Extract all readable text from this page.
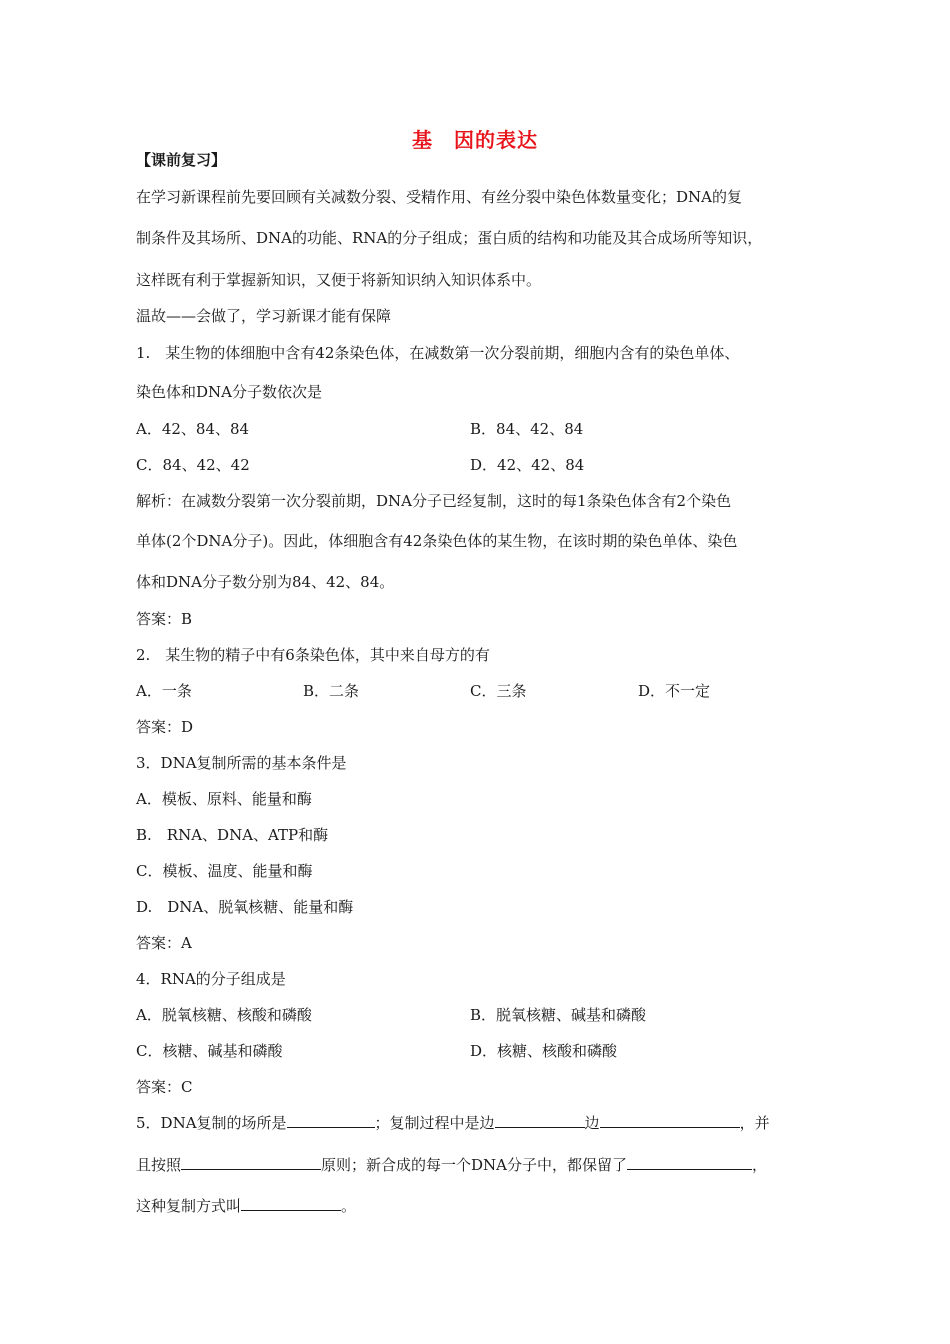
基　因的表达
【课前复习】
在学习新课程前先要回顾有关减数分裂、受精作用、有丝分裂中染色体数量变化；DNA的复
制条件及其场所、DNA的功能、RNA的分子组成；蛋白质的结构和功能及其合成场所等知识，
这样既有利于掌握新知识，又便于将新知识纳入知识体系中。
温故——会做了，学习新课才能有保障
1.　某生物的体细胞中含有42条染色体，在减数第一次分裂前期，细胞内含有的染色单体、
染色体和DNA分子数依次是
A．42、84、84	B．84、42、84
C．84、42、42	D．42、42、84
解析：在减数分裂第一次分裂前期，DNA分子已经复制，这时的每1条染色体含有2个染色
单体(2个DNA分子)。因此，体细胞含有42条染色体的某生物，在该时期的染色单体、染色
体和DNA分子数分别为84、42、84。
答案：B
2.　某生物的精子中有6条染色体，其中来自母方的有
A．一条	B．二条	C．三条	D．不一定
答案：D
3．DNA复制所需的基本条件是
A．模板、原料、能量和酶
B.　RNA、DNA、ATP和酶
C．模板、温度、能量和酶
D.　DNA、脱氧核糖、能量和酶
答案：A
4．RNA的分子组成是
A．脱氧核糖、核酸和磷酸	B．脱氧核糖、碱基和磷酸
C．核糖、碱基和磷酸	D．核糖、核酸和磷酸
答案：C
5．DNA复制的场所是	；复制过程中是边	边	，并
且按照	原则；新合成的每一个DNA分子中，都保留了	，
这种复制方式叫	。
